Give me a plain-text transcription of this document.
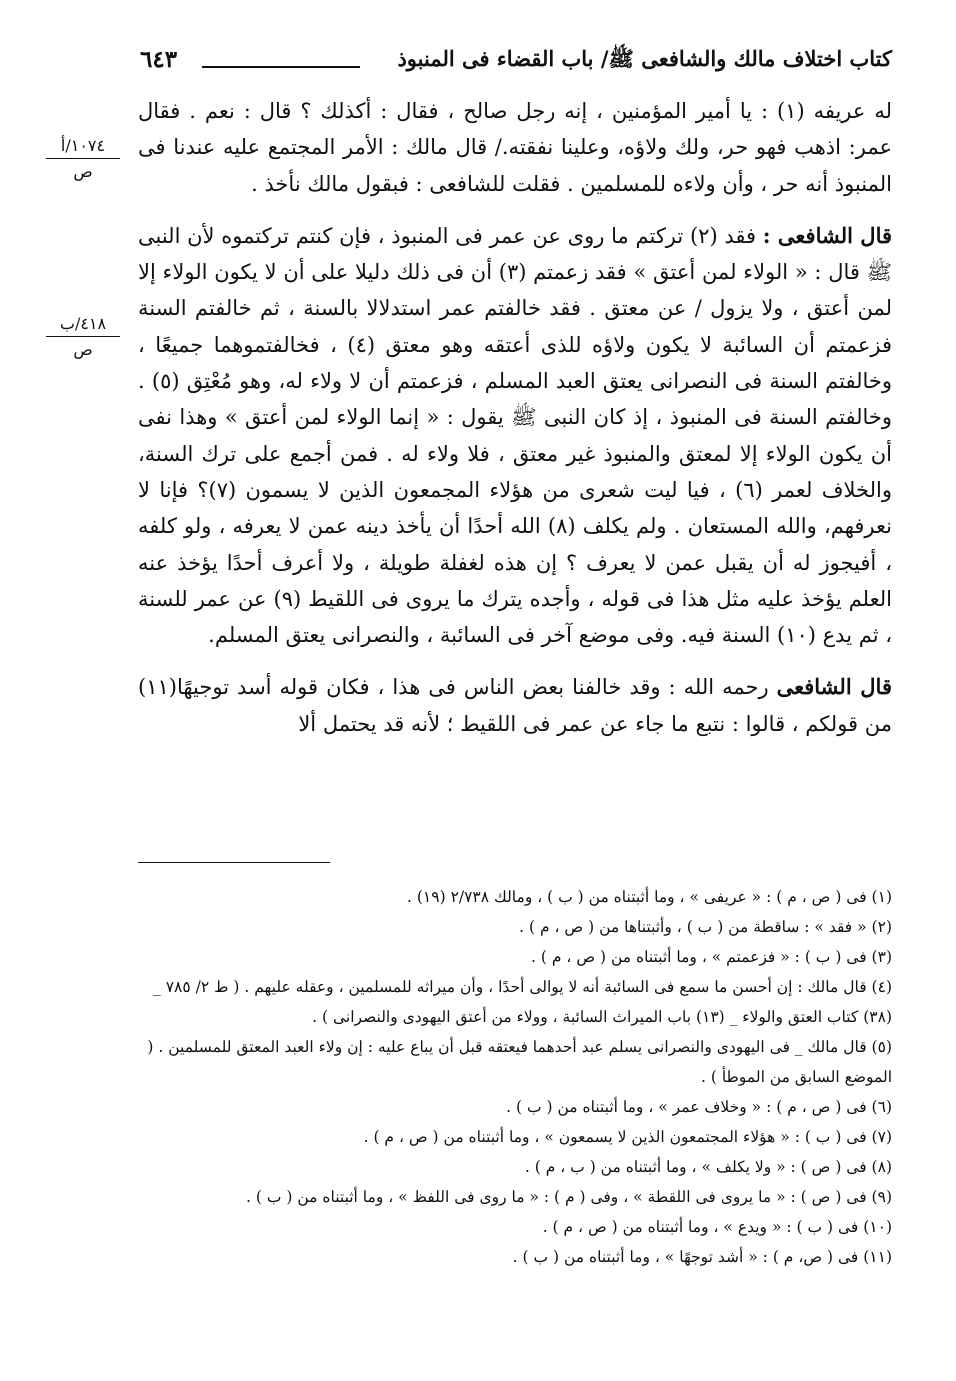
كتاب اختلاف مالك والشافعى ﷺ/ باب القضاء فى المنبوذ
٦٤٣
١٠٧٤/أ
ص
٤١٨/ب
ص

له عريفه (١) : يا أمير المؤمنين ، إنه رجل صالح ، فقال : أكذلك ؟ قال : نعم . فقال عمر: اذهب فهو حر، ولك ولاؤه، وعلينا نفقته./ قال مالك : الأمر المجتمع عليه عندنا فى المنبوذ أنه حر ، وأن ولاءه للمسلمين . فقلت للشافعى : فبقول مالك نأخذ .

قال الشافعى : فقد (٢) تركتم ما روى عن عمر فى المنبوذ ، فإن كنتم تركتموه لأن النبى ﷺ قال : « الولاء لمن أعتق » فقد زعمتم (٣) أن فى ذلك دليلا على أن لا يكون الولاء إلا لمن أعتق ، ولا يزول / عن معتق . فقد خالفتم عمر استدلالا بالسنة ، ثم خالفتم السنة فزعمتم أن السائبة لا يكون ولاؤه للذى أعتقه وهو معتق (٤) ، فخالفتموهما جميعًا ، وخالفتم السنة فى النصرانى يعتق العبد المسلم ، فزعمتم أن لا ولاء له، وهو مُعْتِق (٥) . وخالفتم السنة فى المنبوذ ، إذ كان النبى ﷺ يقول : « إنما الولاء لمن أعتق » وهذا نفى أن يكون الولاء إلا لمعتق والمنبوذ غير معتق ، فلا ولاء له . فمن أجمع على ترك السنة، والخلاف لعمر (٦) ، فيا ليت شعرى من هؤلاء المجمعون الذين لا يسمون (٧)؟ فإنا لا نعرفهم، والله المستعان . ولم يكلف (٨) الله أحدًا أن يأخذ دينه عمن لا يعرفه ، ولو كلفه ، أفيجوز له أن يقبل عمن لا يعرف ؟ إن هذه لغفلة طويلة ، ولا أعرف أحدًا يؤخذ عنه العلم يؤخذ عليه مثل هذا فى قوله ، وأجده يترك ما يروى فى اللقيط (٩) عن عمر للسنة ، ثم يدع (١٠) السنة فيه. وفى موضع آخر فى السائبة ، والنصرانى يعتق المسلم.

قال الشافعى رحمه الله : وقد خالفنا بعض الناس فى هذا ، فكان قوله أسد توجيهًا(١١) من قولكم ، قالوا : نتبع ما جاء عن عمر فى اللقيط ؛ لأنه قد يحتمل ألا

(١) فى ( ص ، م ) : « عريفى » ، وما أثبتناه من ( ب ) ، ومالك ٢/٧٣٨ (١٩) .

(٢) « فقد » : ساقطة من ( ب ) ، وأثبتناها من ( ص ، م ) .

(٣) فى ( ب ) : « فزعمتم » ، وما أثبتناه من ( ص ، م ) .

(٤) قال مالك : إن أحسن ما سمع فى السائبة أنه لا يوالى أحدًا ، وأن ميراثه للمسلمين ، وعقله عليهم . ( ط ٢/ ٧٨٥ _ (٣٨) كتاب العتق والولاء _ (١٣) باب الميراث السائبة ، وولاء من أعتق اليهودى والنصرانى ) .

(٥) قال مالك _ فى اليهودى والنصرانى يسلم عبد أحدهما فيعتقه قبل أن يباع عليه : إن ولاء العبد المعتق للمسلمين . ( الموضع السابق من الموطأ ) .

(٦) فى ( ص ، م ) : « وخلاف عمر » ، وما أثبتناه من ( ب ) .

(٧) فى ( ب ) : « هؤلاء المجتمعون الذين لا يسمعون » ، وما أثبتناه من ( ص ، م ) .

(٨) فى ( ص ) : « ولا يكلف » ، وما أثبتناه من ( ب ، م ) .

(٩) فى ( ص ) : « ما يروى فى اللقطة » ، وفى ( م ) : « ما روى فى اللفظ » ، وما أثبتناه من ( ب ) .

(١٠) فى ( ب ) : « ويدع » ، وما أثبتناه من ( ص ، م ) .

(١١) فى ( ص، م ) : « أشد توجهًا » ، وما أثبتناه من ( ب ) .
